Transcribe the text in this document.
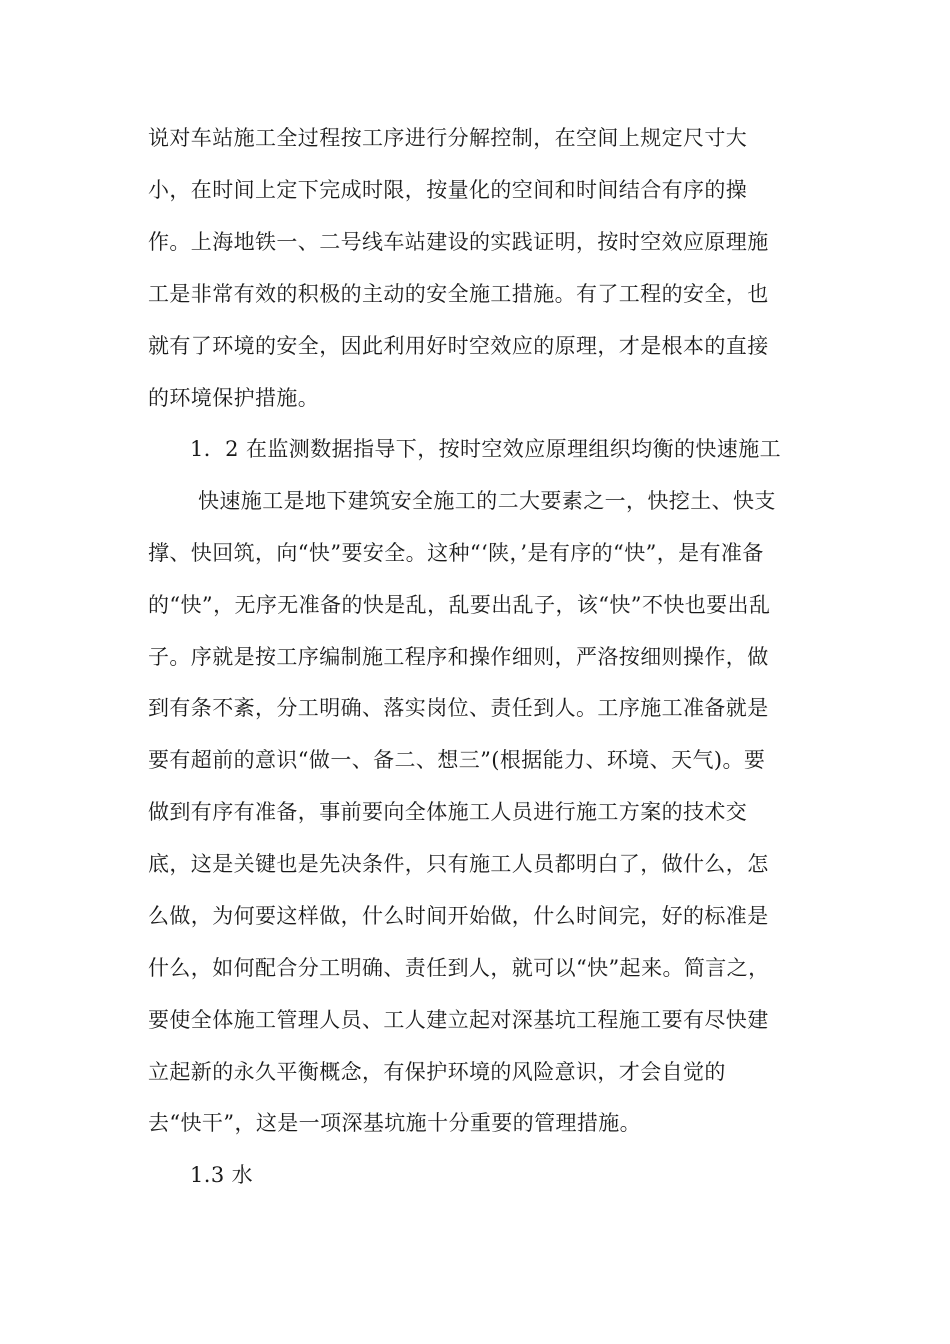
说对车站施工全过程按工序进行分解控制，在空间上规定尺寸大
小，在时间上定下完成时限，按量化的空间和时间结合有序的操
作。上海地铁一、二号线车站建设的实践证明，按时空效应原理施
工是非常有效的积极的主动的安全施工措施。有了工程的安全，也
就有了环境的安全，因此利用好时空效应的原理，才是根本的直接
的环境保护措施。
1．2 在监测数据指导下，按时空效应原理组织均衡的快速施工
快速施工是地下建筑安全施工的二大要素之一，快挖土、快支
撑、快回筑，向“快”要安全。这种“‘陕，’是有序的“快”，是有准备
的“快”，无序无准备的快是乱，乱要出乱子，该“快”不快也要出乱
子。序就是按工序编制施工程序和操作细则，严洛按细则操作，做
到有条不紊，分工明确、落实岗位、责任到人。工序施工准备就是
要有超前的意识“做一、备二、想三”(根据能力、环境、天气)。要
做到有序有准备，事前要向全体施工人员进行施工方案的技术交
底，这是关键也是先决条件，只有施工人员都明白了，做什么，怎
么做，为何要这样做，什么时间开始做，什么时间完，好的标准是
什么，如何配合分工明确、责任到人，就可以“快”起来。简言之，
要使全体施工管理人员、工人建立起对深基坑工程施工要有尽快建
立起新的永久平衡概念，有保护环境的风险意识，才会自觉的
去“快干”，这是一项深基坑施十分重要的管理措施。
1.3 水
